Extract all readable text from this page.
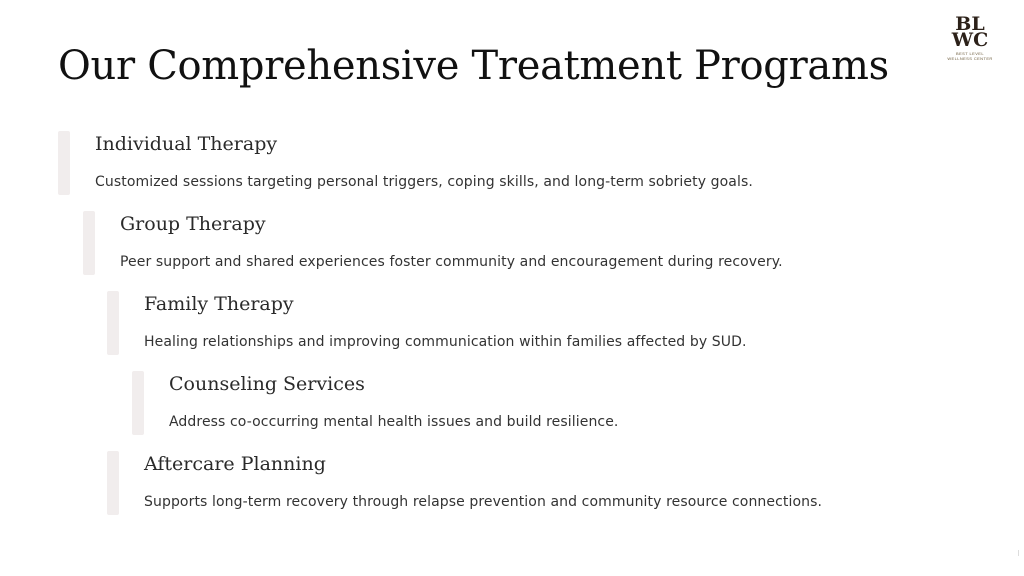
Our Comprehensive Treatment Programs
BL
WC
BEST LEVEL
WELLNESS CENTER
Individual Therapy

Customized sessions targeting personal triggers, coping skills, and long-term sobriety goals.

Group Therapy

Peer support and shared experiences foster community and encouragement during recovery.

Family Therapy

Healing relationships and improving communication within families affected by SUD.

Counseling Services

Address co-occurring mental health issues and build resilience.

Aftercare Planning

Supports long-term recovery through relapse prevention and community resource connections.
